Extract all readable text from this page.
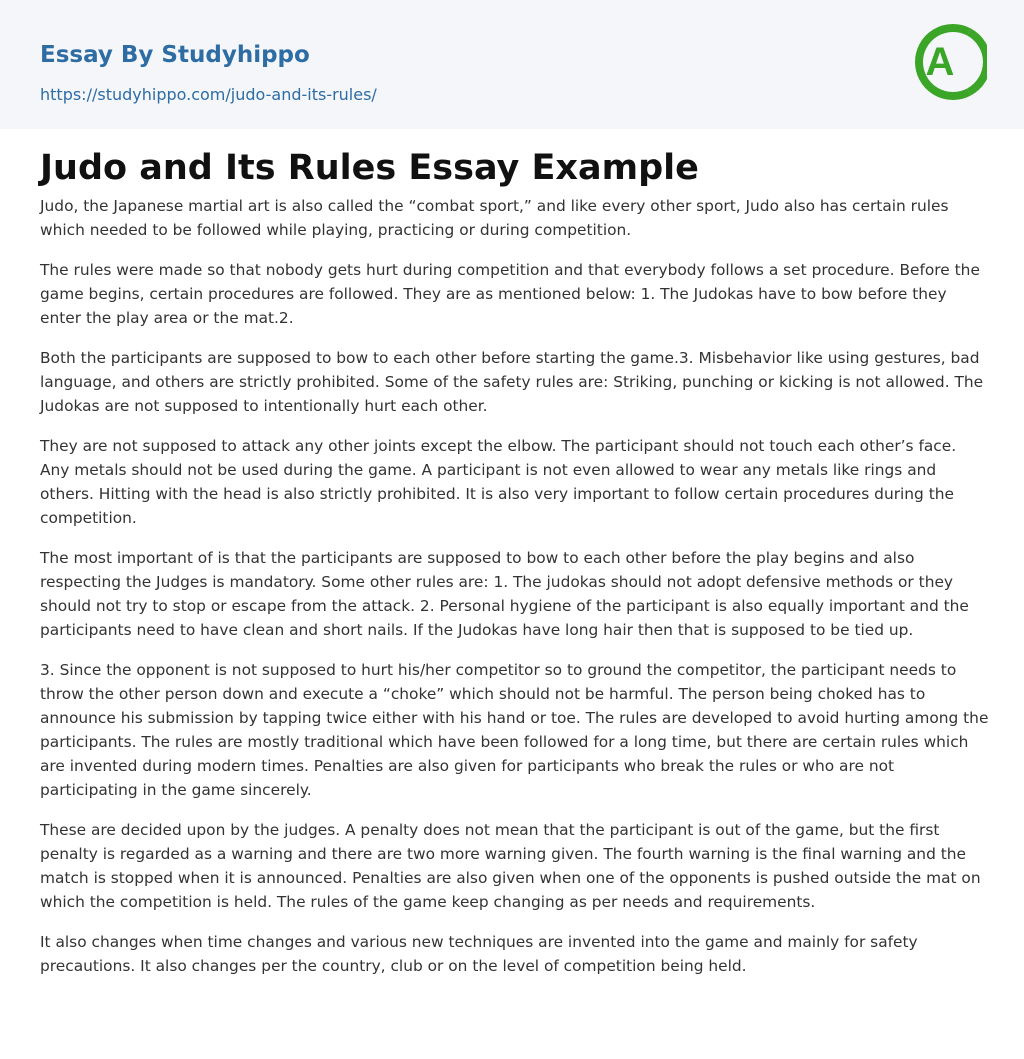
Essay By Studyhippo
https://studyhippo.com/judo-and-its-rules/
A
Judo and Its Rules Essay Example

Judo, the Japanese martial art is also called the “combat sport,” and like every other sport, Judo also has certain rules which needed to be followed while playing, practicing or during competition.

The rules were made so that nobody gets hurt during competition and that everybody follows a set procedure. Before the game begins, certain procedures are followed. They are as mentioned below: 1. The Judokas have to bow before they enter the play area or the mat.2.

Both the participants are supposed to bow to each other before starting the game.3. Misbehavior like using gestures, bad language, and others are strictly prohibited. Some of the safety rules are: Striking, punching or kicking is not allowed. The Judokas are not supposed to intentionally hurt each other.

They are not supposed to attack any other joints except the elbow. The participant should not touch each other’s face. Any metals should not be used during the game. A participant is not even allowed to wear any metals like rings and others. Hitting with the head is also strictly prohibited. It is also very important to follow certain procedures during the competition.

The most important of is that the participants are supposed to bow to each other before the play begins and also respecting the Judges is mandatory. Some other rules are: 1. The judokas should not adopt defensive methods or they should not try to stop or escape from the attack. 2. Personal hygiene of the participant is also equally important and the participants need to have clean and short nails. If the Judokas have long hair then that is supposed to be tied up.

3. Since the opponent is not supposed to hurt his/her competitor so to ground the competitor, the participant needs to throw the other person down and execute a “choke” which should not be harmful. The person being choked has to announce his submission by tapping twice either with his hand or toe. The rules are developed to avoid hurting among the participants. The rules are mostly traditional which have been followed for a long time, but there are certain rules which are invented during modern times. Penalties are also given for participants who break the rules or who are not participating in the game sincerely.

These are decided upon by the judges. A penalty does not mean that the participant is out of the game, but the first penalty is regarded as a warning and there are two more warning given. The fourth warning is the final warning and the match is stopped when it is announced. Penalties are also given when one of the opponents is pushed outside the mat on which the competition is held. The rules of the game keep changing as per needs and requirements.

It also changes when time changes and various new techniques are invented into the game and mainly for safety precautions. It also changes per the country, club or on the level of competition being held.
